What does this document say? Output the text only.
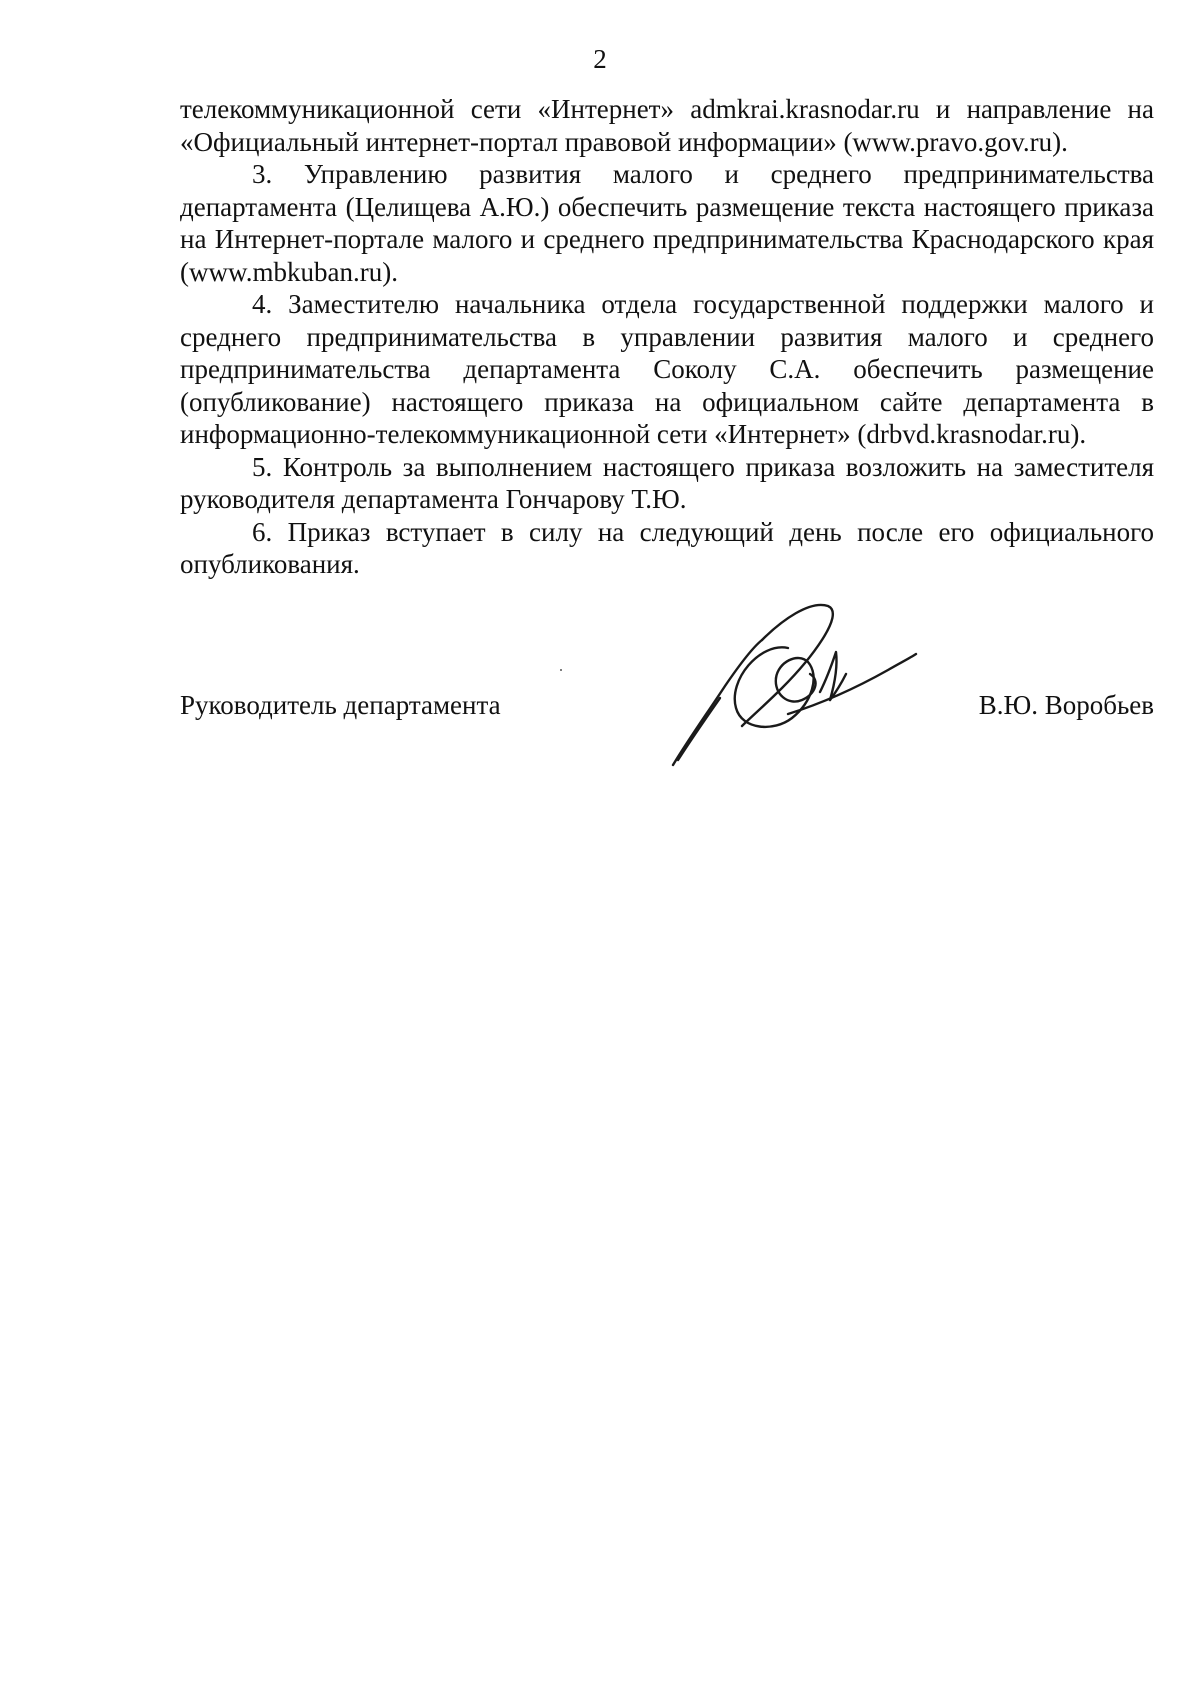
2

телекоммуникационной сети «Интернет» admkrai.krasnodar.ru и направление на «Официальный интернет-портал правовой информации» (www.pravo.gov.ru).

3. Управлению развития малого и среднего предпринимательства департамента (Целищева А.Ю.) обеспечить размещение текста настоящего приказа на Интернет-портале малого и среднего предпринимательства Краснодарского края (www.mbkuban.ru).

4. Заместителю начальника отдела государственной поддержки малого и среднего предпринимательства в управлении развития малого и среднего предпринимательства департамента Соколу С.А. обеспечить размещение (опубликование) настоящего приказа на официальном сайте департамента в информационно-телекоммуникационной сети «Интернет» (drbvd.krasnodar.ru).

5. Контроль за выполнением настоящего приказа возложить на заместителя руководителя департамента Гончарову Т.Ю.

6. Приказ вступает в силу на следующий день после его официального опубликования.

Руководитель департамента	В.Ю. Воробьев
